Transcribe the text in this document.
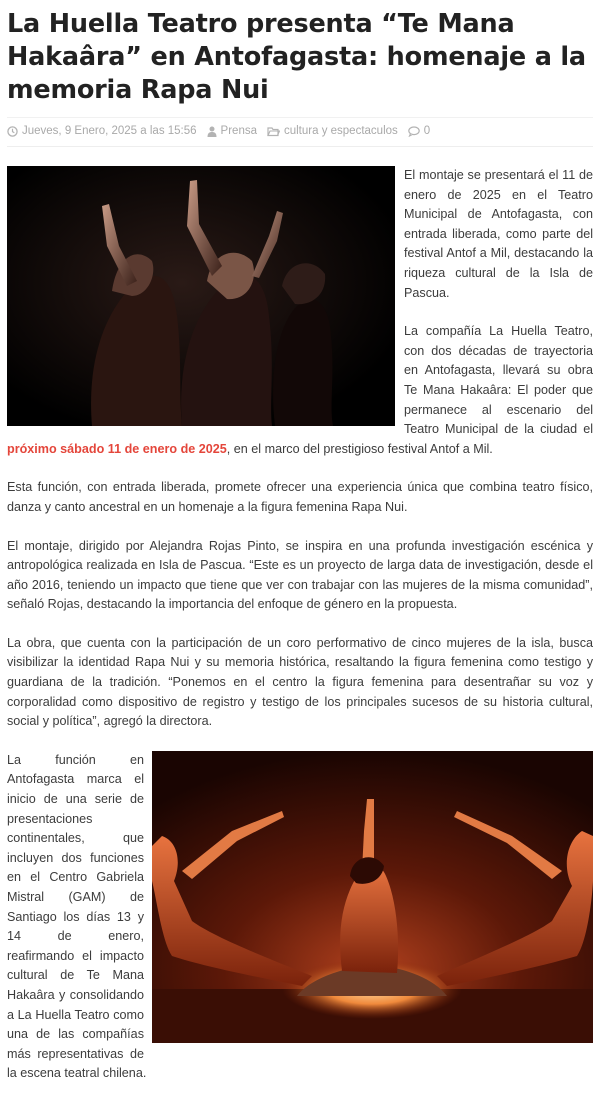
La Huella Teatro presenta “Te Mana Hakaâra” en Antofagasta: homenaje a la memoria Rapa Nui
Jueves, 9 Enero, 2025 a las 15:56 Prensa cultura y espectaculos 0

El montaje se presentará el 11 de enero de 2025 en el Teatro Municipal de Antofagasta, con entrada liberada, como parte del festival Antof a Mil, destacando la riqueza cultural de la Isla de Pascua.

La compañía La Huella Teatro, con dos décadas de trayectoria en Antofagasta, llevará su obra Te Mana Hakaâra: El poder que permanece al escenario del Teatro Municipal de la ciudad el próximo sábado 11 de enero de 2025, en el marco del prestigioso festival Antof a Mil.

Esta función, con entrada liberada, promete ofrecer una experiencia única que combina teatro físico, danza y canto ancestral en un homenaje a la figura femenina Rapa Nui.

El montaje, dirigido por Alejandra Rojas Pinto, se inspira en una profunda investigación escénica y antropológica realizada en Isla de Pascua. “Este es un proyecto de larga data de investigación, desde el año 2016, teniendo un impacto que tiene que ver con trabajar con las mujeres de la misma comunidad”, señaló Rojas, destacando la importancia del enfoque de género en la propuesta.

La obra, que cuenta con la participación de un coro performativo de cinco mujeres de la isla, busca visibilizar la identidad Rapa Nui y su memoria histórica, resaltando la figura femenina como testigo y guardiana de la tradición. “Ponemos en el centro la figura femenina para desentrañar su voz y corporalidad como dispositivo de registro y testigo de los principales sucesos de su historia cultural, social y política”, agregó la directora.

La función en Antofagasta marca el inicio de una serie de presentaciones continentales, que incluyen dos funciones en el Centro Gabriela Mistral (GAM) de Santiago los días 13 y 14 de enero, reafirmando el impacto cultural de Te Mana Hakaâra y consolidando a La Huella Teatro como una de las compañías más representativas de la escena teatral chilena.
